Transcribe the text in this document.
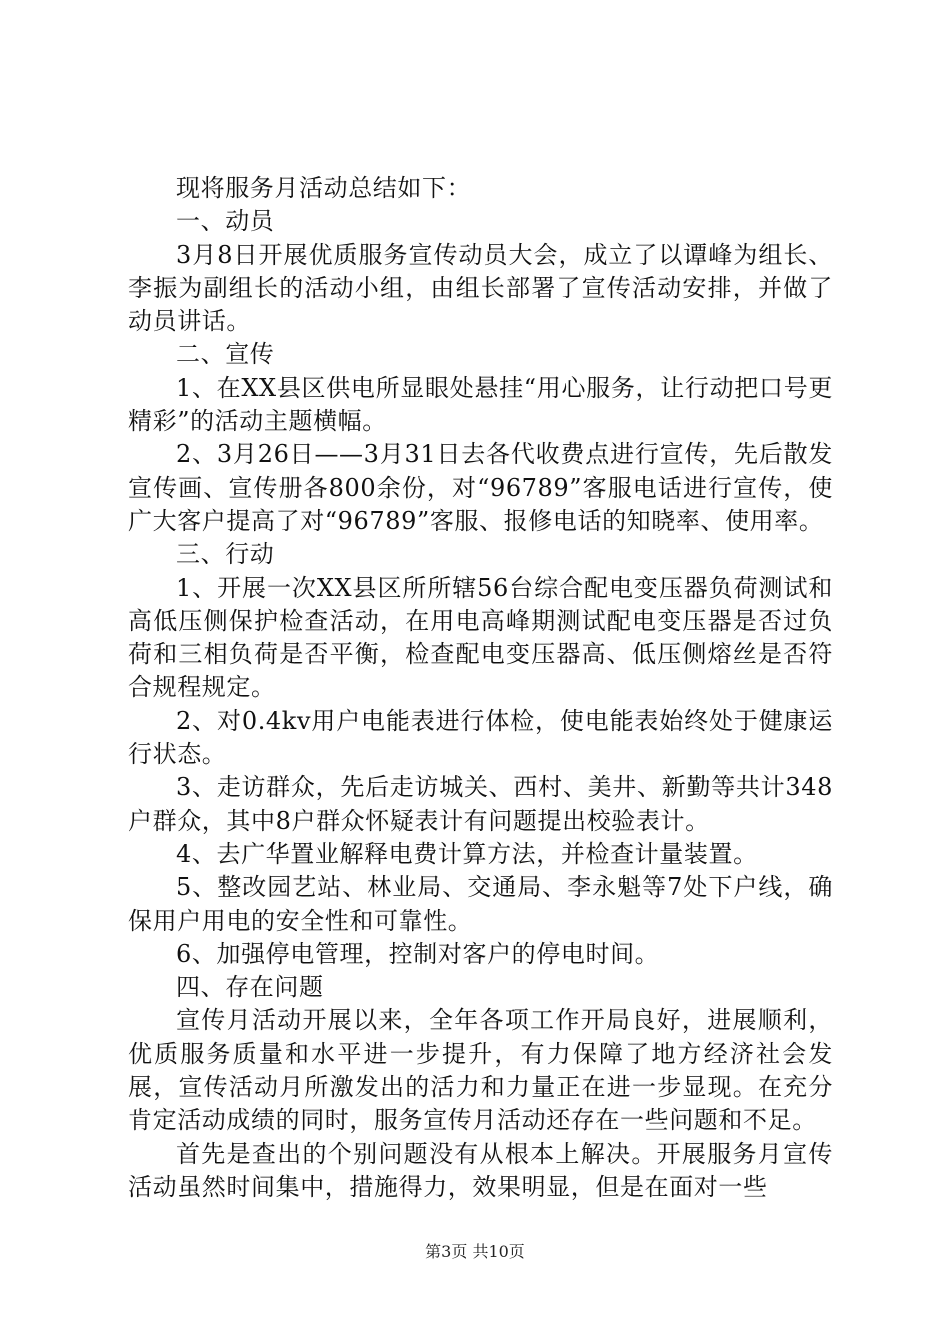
现将服务月活动总结如下：

一、动员

3月8日开展优质服务宣传动员大会，成立了以谭峰为组长、李振为副组长的活动小组，由组长部署了宣传活动安排，并做了动员讲话。

二、宣传

1、在XX县区供电所显眼处悬挂“用心服务，让行动把口号更精彩”的活动主题横幅。

2、3月26日——3月31日去各代收费点进行宣传，先后散发宣传画、宣传册各800余份，对“96789”客服电话进行宣传，使广大客户提高了对“96789”客服、报修电话的知晓率、使用率。

三、行动

1、开展一次XX县区所所辖56台综合配电变压器负荷测试和高低压侧保护检查活动，在用电高峰期测试配电变压器是否过负荷和三相负荷是否平衡，检查配电变压器高、低压侧熔丝是否符合规程规定。

2、对0.4kv用户电能表进行体检，使电能表始终处于健康运行状态。

3、走访群众，先后走访城关、西村、美井、新勤等共计348户群众，其中8户群众怀疑表计有问题提出校验表计。

4、去广华置业解释电费计算方法，并检查计量装置。

5、整改园艺站、林业局、交通局、李永魁等7处下户线，确保用户用电的安全性和可靠性。

6、加强停电管理，控制对客户的停电时间。

四、存在问题

宣传月活动开展以来，全年各项工作开局良好，进展顺利，优质服务质量和水平进一步提升，有力保障了地方经济社会发展，宣传活动月所激发出的活力和力量正在进一步显现。在充分肯定活动成绩的同时，服务宣传月活动还存在一些问题和不足。

首先是查出的个别问题没有从根本上解决。开展服务月宣传活动虽然时间集中，措施得力，效果明显，但是在面对一些

第3页 共10页
